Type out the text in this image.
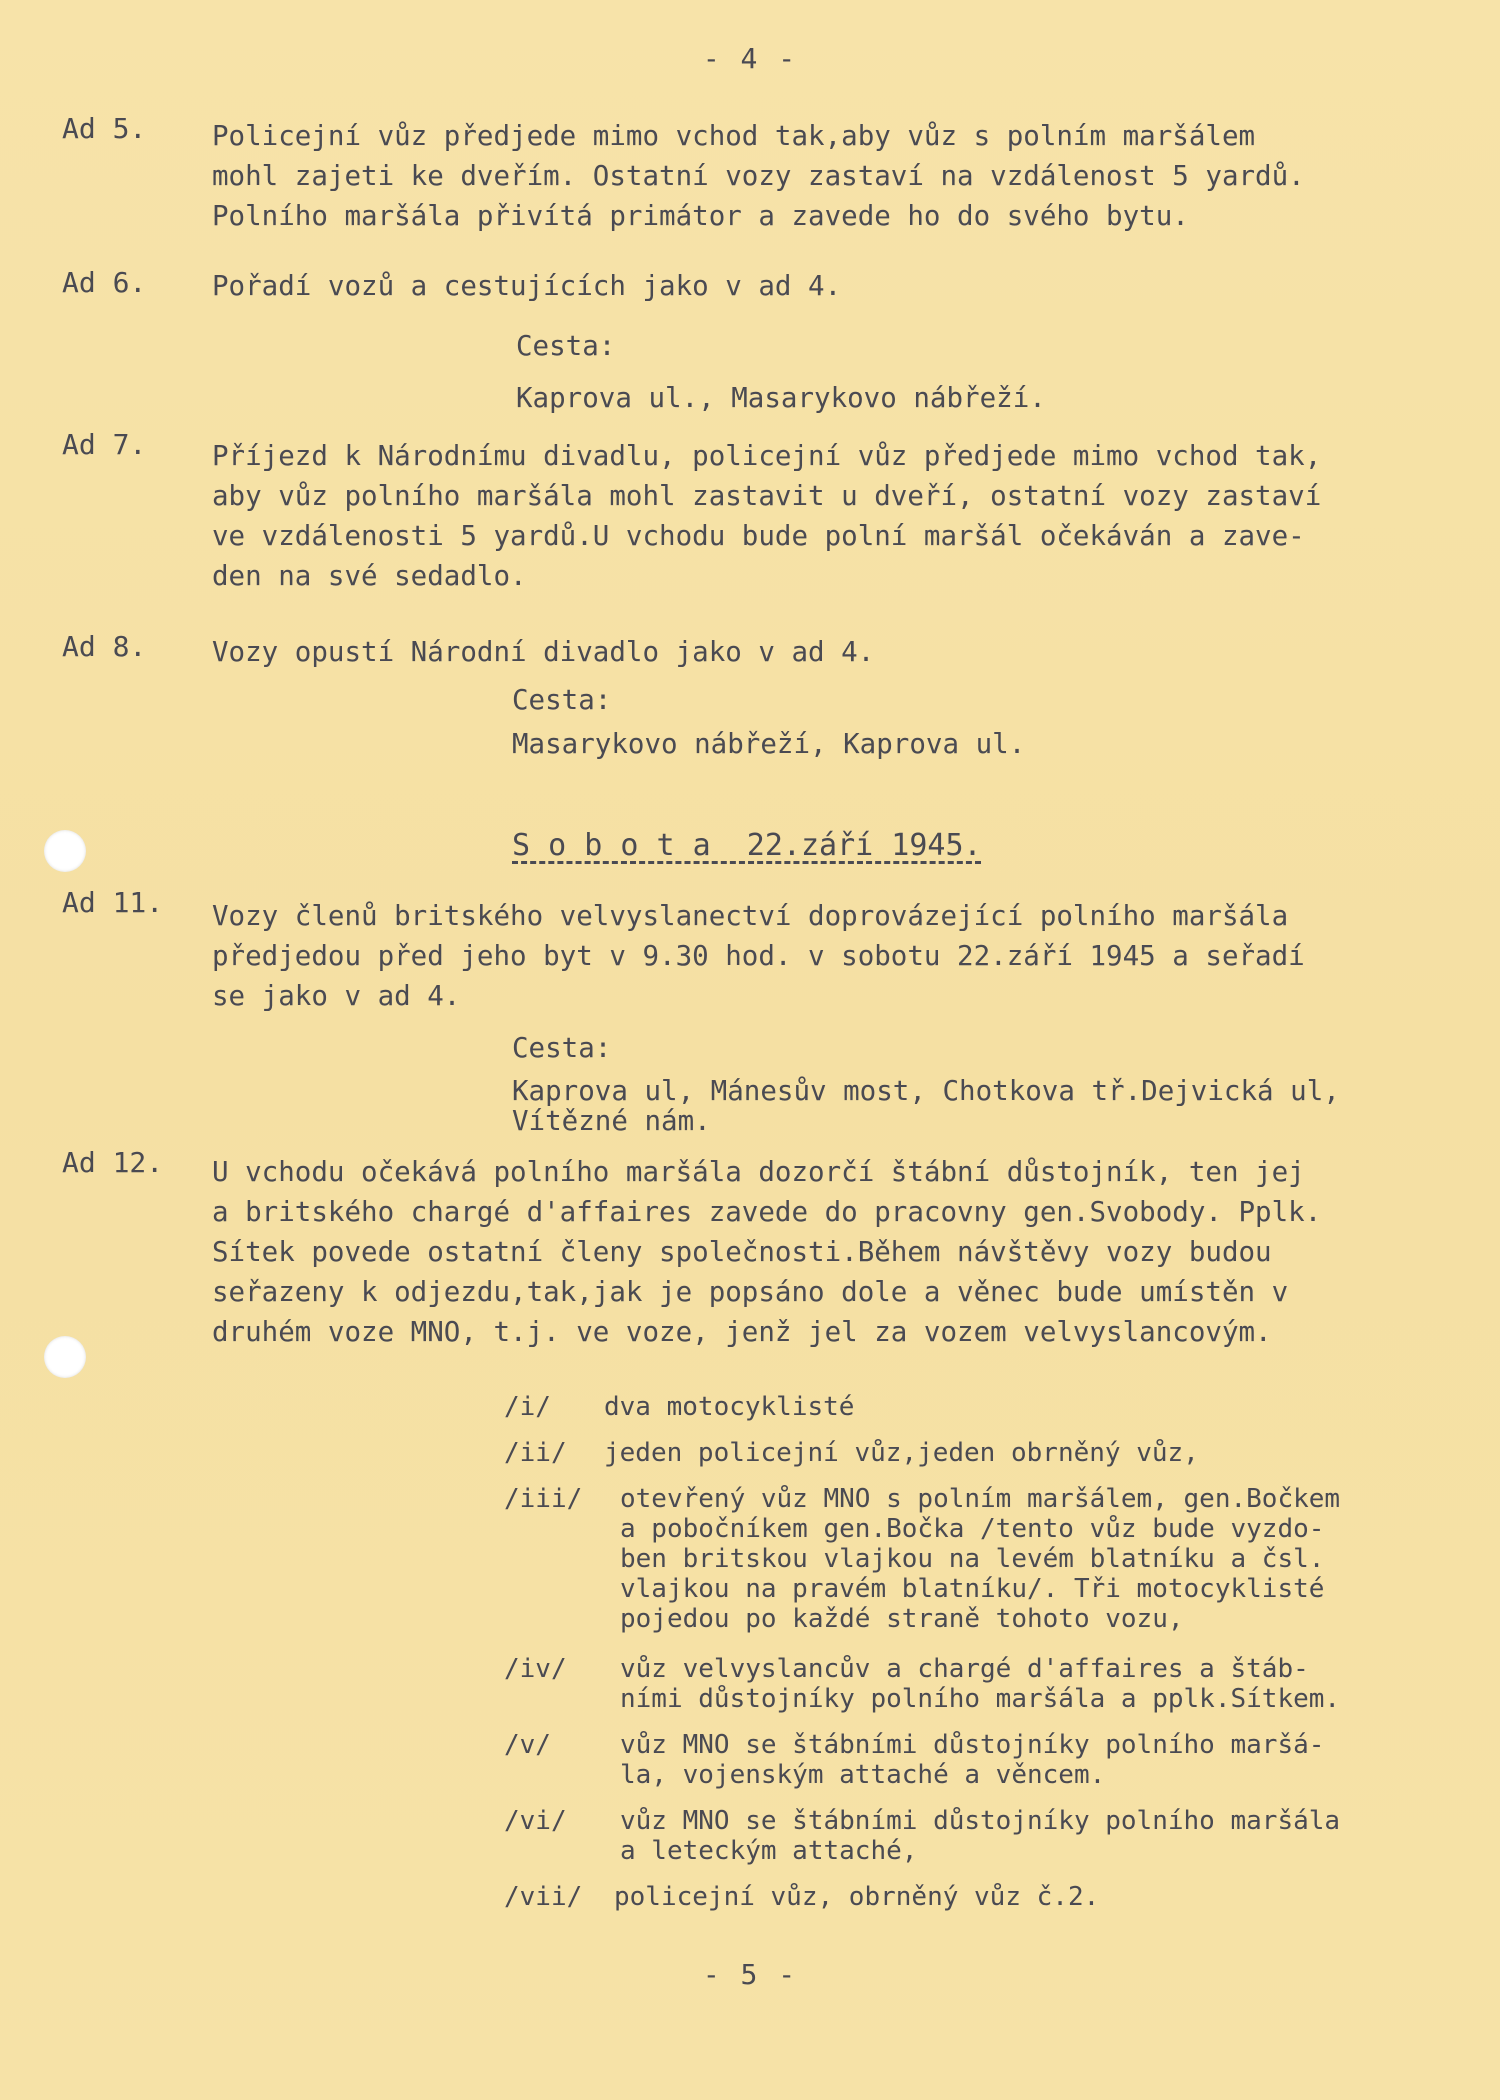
- 4 -
Ad 5. Policejní vůz předjede mimo vchod tak,aby vůz s polním maršálem
mohl zajeti ke dveřím. Ostatní vozy zastaví na vzdálenost 5 yardů.
Polního maršála přivítá primátor a zavede ho do svého bytu.
Ad 6. Pořadí vozů a cestujících jako v ad 4.
Cesta:
Kaprova ul., Masarykovo nábřeží.
Ad 7. Příjezd k Národnímu divadlu, policejní vůz předjede mimo vchod tak,
aby vůz polního maršála mohl zastavit u dveří, ostatní vozy zastaví
ve vzdálenosti 5 yardů.U vchodu bude polní maršál očekáván a zave-
den na své sedadlo.
Ad 8. Vozy opustí Národní divadlo jako v ad 4.
Cesta:
Masarykovo nábřeží, Kaprova ul.
S o b o t a  22.září 1945.
Ad 11. Vozy členů britského velvyslanectví doprovázející polního maršála
předjedou před jeho byt v 9.30 hod. v sobotu 22.září 1945 a seřadí
se jako v ad 4.
Cesta:
Kaprova ul, Mánesův most, Chotkova tř.Dejvická ul,
Vítězné nám.
Ad 12. U vchodu očekává polního maršála dozorčí štábní důstojník, ten jej
a britského chargé d'affaires zavede do pracovny gen.Svobody. Pplk.
Sítek povede ostatní členy společnosti.Během návštěvy vozy budou
seřazeny k odjezdu,tak,jak je popsáno dole a věnec bude umístěn v
druhém voze MNO, t.j. ve voze, jenž jel za vozem velvyslancovým.
/i/ dva motocyklisté
/ii/ jeden policejní vůz,jeden obrněný vůz,
/iii/ otevřený vůz MNO s polním maršálem, gen.Bočkem
a pobočníkem gen.Bočka /tento vůz bude vyzdo-
ben britskou vlajkou na levém blatníku a čsl.
vlajkou na pravém blatníku/. Tři motocyklisté
pojedou po každé straně tohoto vozu,
/iv/ vůz velvyslancův a chargé d'affaires a štáb-
ními důstojníky polního maršála a pplk.Sítkem.
/v/	vůz MNO se štábními důstojníky polního maršá-
la, vojenským attaché a věncem.
/vi/ vůz MNO se štábními důstojníky polního maršála
a leteckým attaché,
/vii/ policejní vůz, obrněný vůz č.2.
- 5 -
